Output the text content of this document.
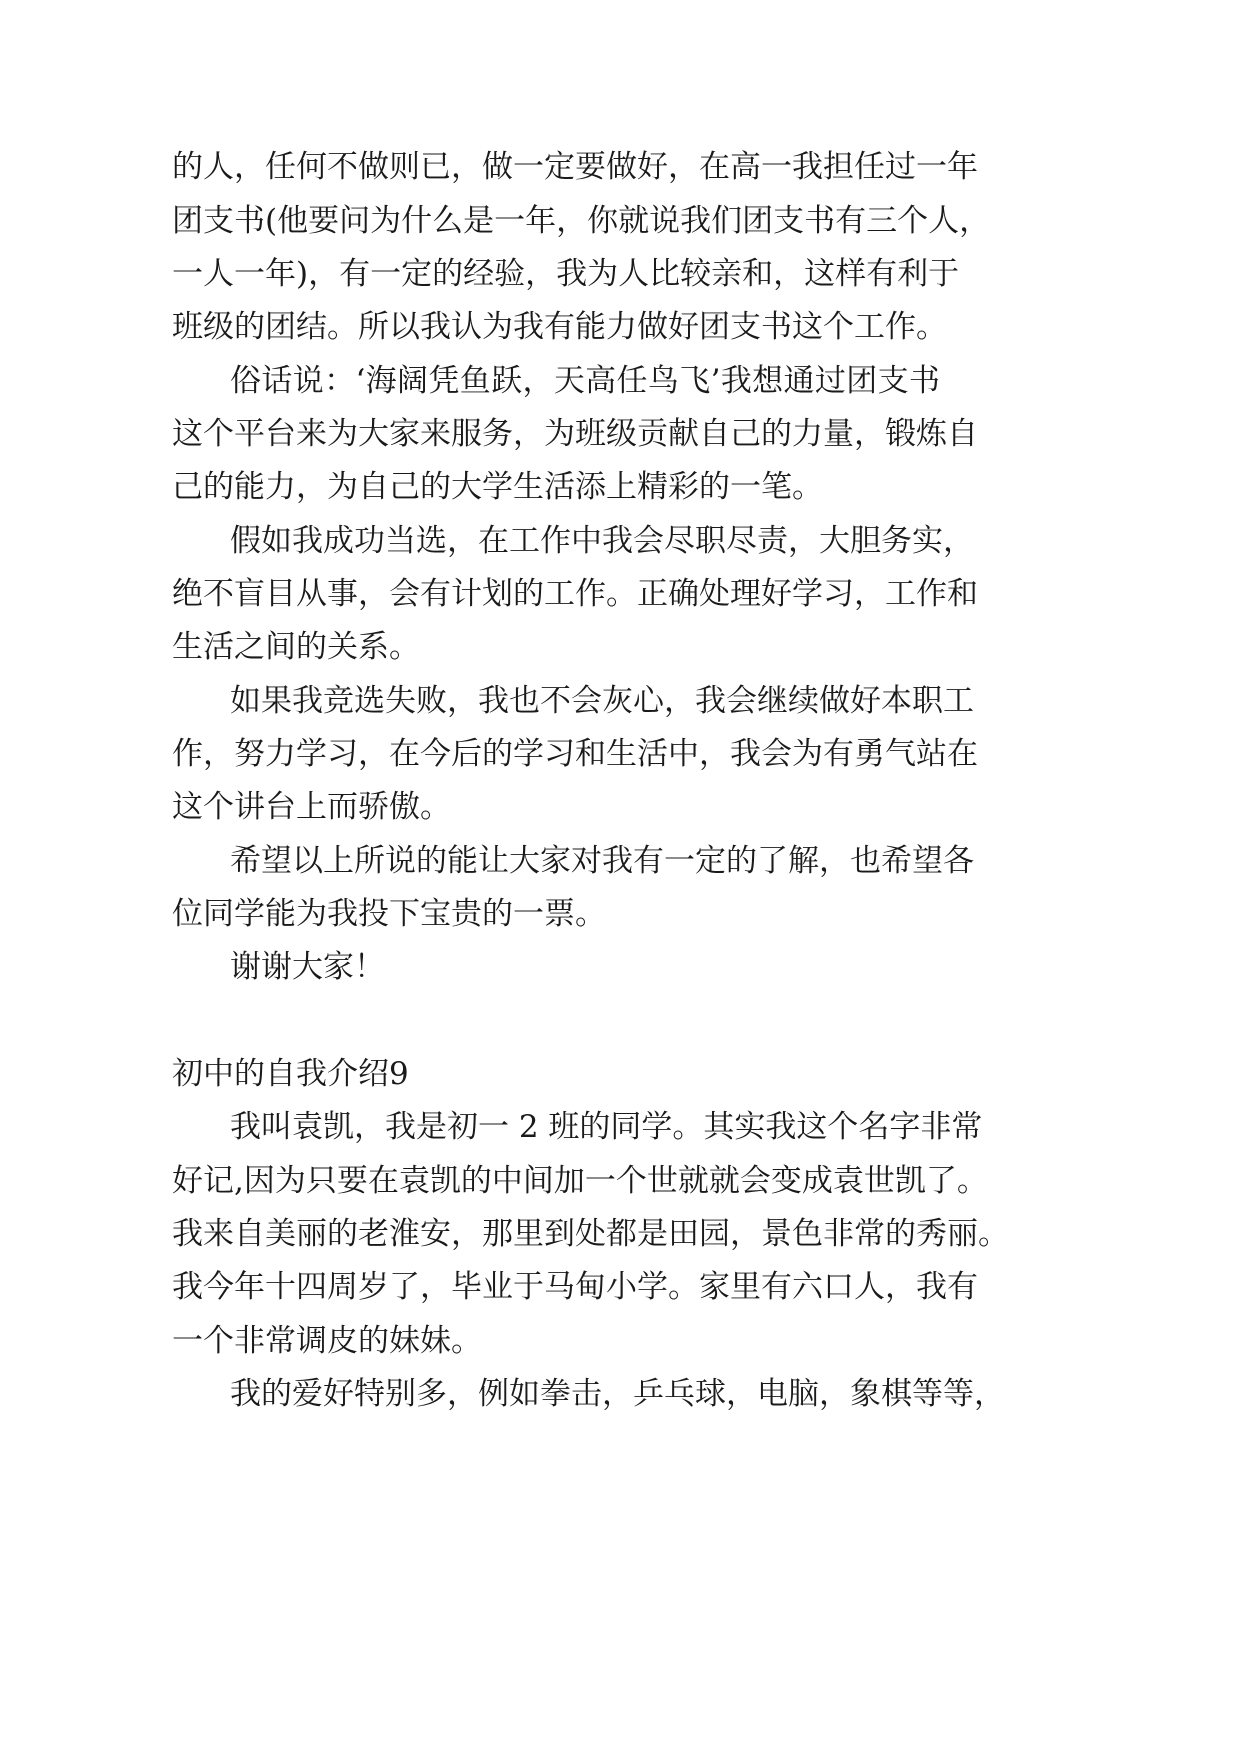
的人，任何不做则已，做一定要做好，在高一我担任过一年
团支书(他要问为什么是一年，你就说我们团支书有三个人，
一人一年)，有一定的经验，我为人比较亲和，这样有利于
班级的团结。所以我认为我有能力做好团支书这个工作。
俗话说：‘海阔凭鱼跃，天高任鸟飞’我想通过团支书
这个平台来为大家来服务，为班级贡献自己的力量，锻炼自
己的能力，为自己的大学生活添上精彩的一笔。
假如我成功当选，在工作中我会尽职尽责，大胆务实，
绝不盲目从事，会有计划的工作。正确处理好学习，工作和
生活之间的关系。
如果我竞选失败，我也不会灰心，我会继续做好本职工
作，努力学习，在今后的学习和生活中，我会为有勇气站在
这个讲台上而骄傲。
希望以上所说的能让大家对我有一定的了解，也希望各
位同学能为我投下宝贵的一票。
谢谢大家！
初中的自我介绍9
我叫袁凯，我是初一 2 班的同学。其实我这个名字非常
好记,因为只要在袁凯的中间加一个世就就会变成袁世凯了。
我来自美丽的老淮安，那里到处都是田园，景色非常的秀丽。
我今年十四周岁了，毕业于马甸小学。家里有六口人，我有
一个非常调皮的妹妹。
我的爱好特别多，例如拳击，乒乓球，电脑，象棋等等，
